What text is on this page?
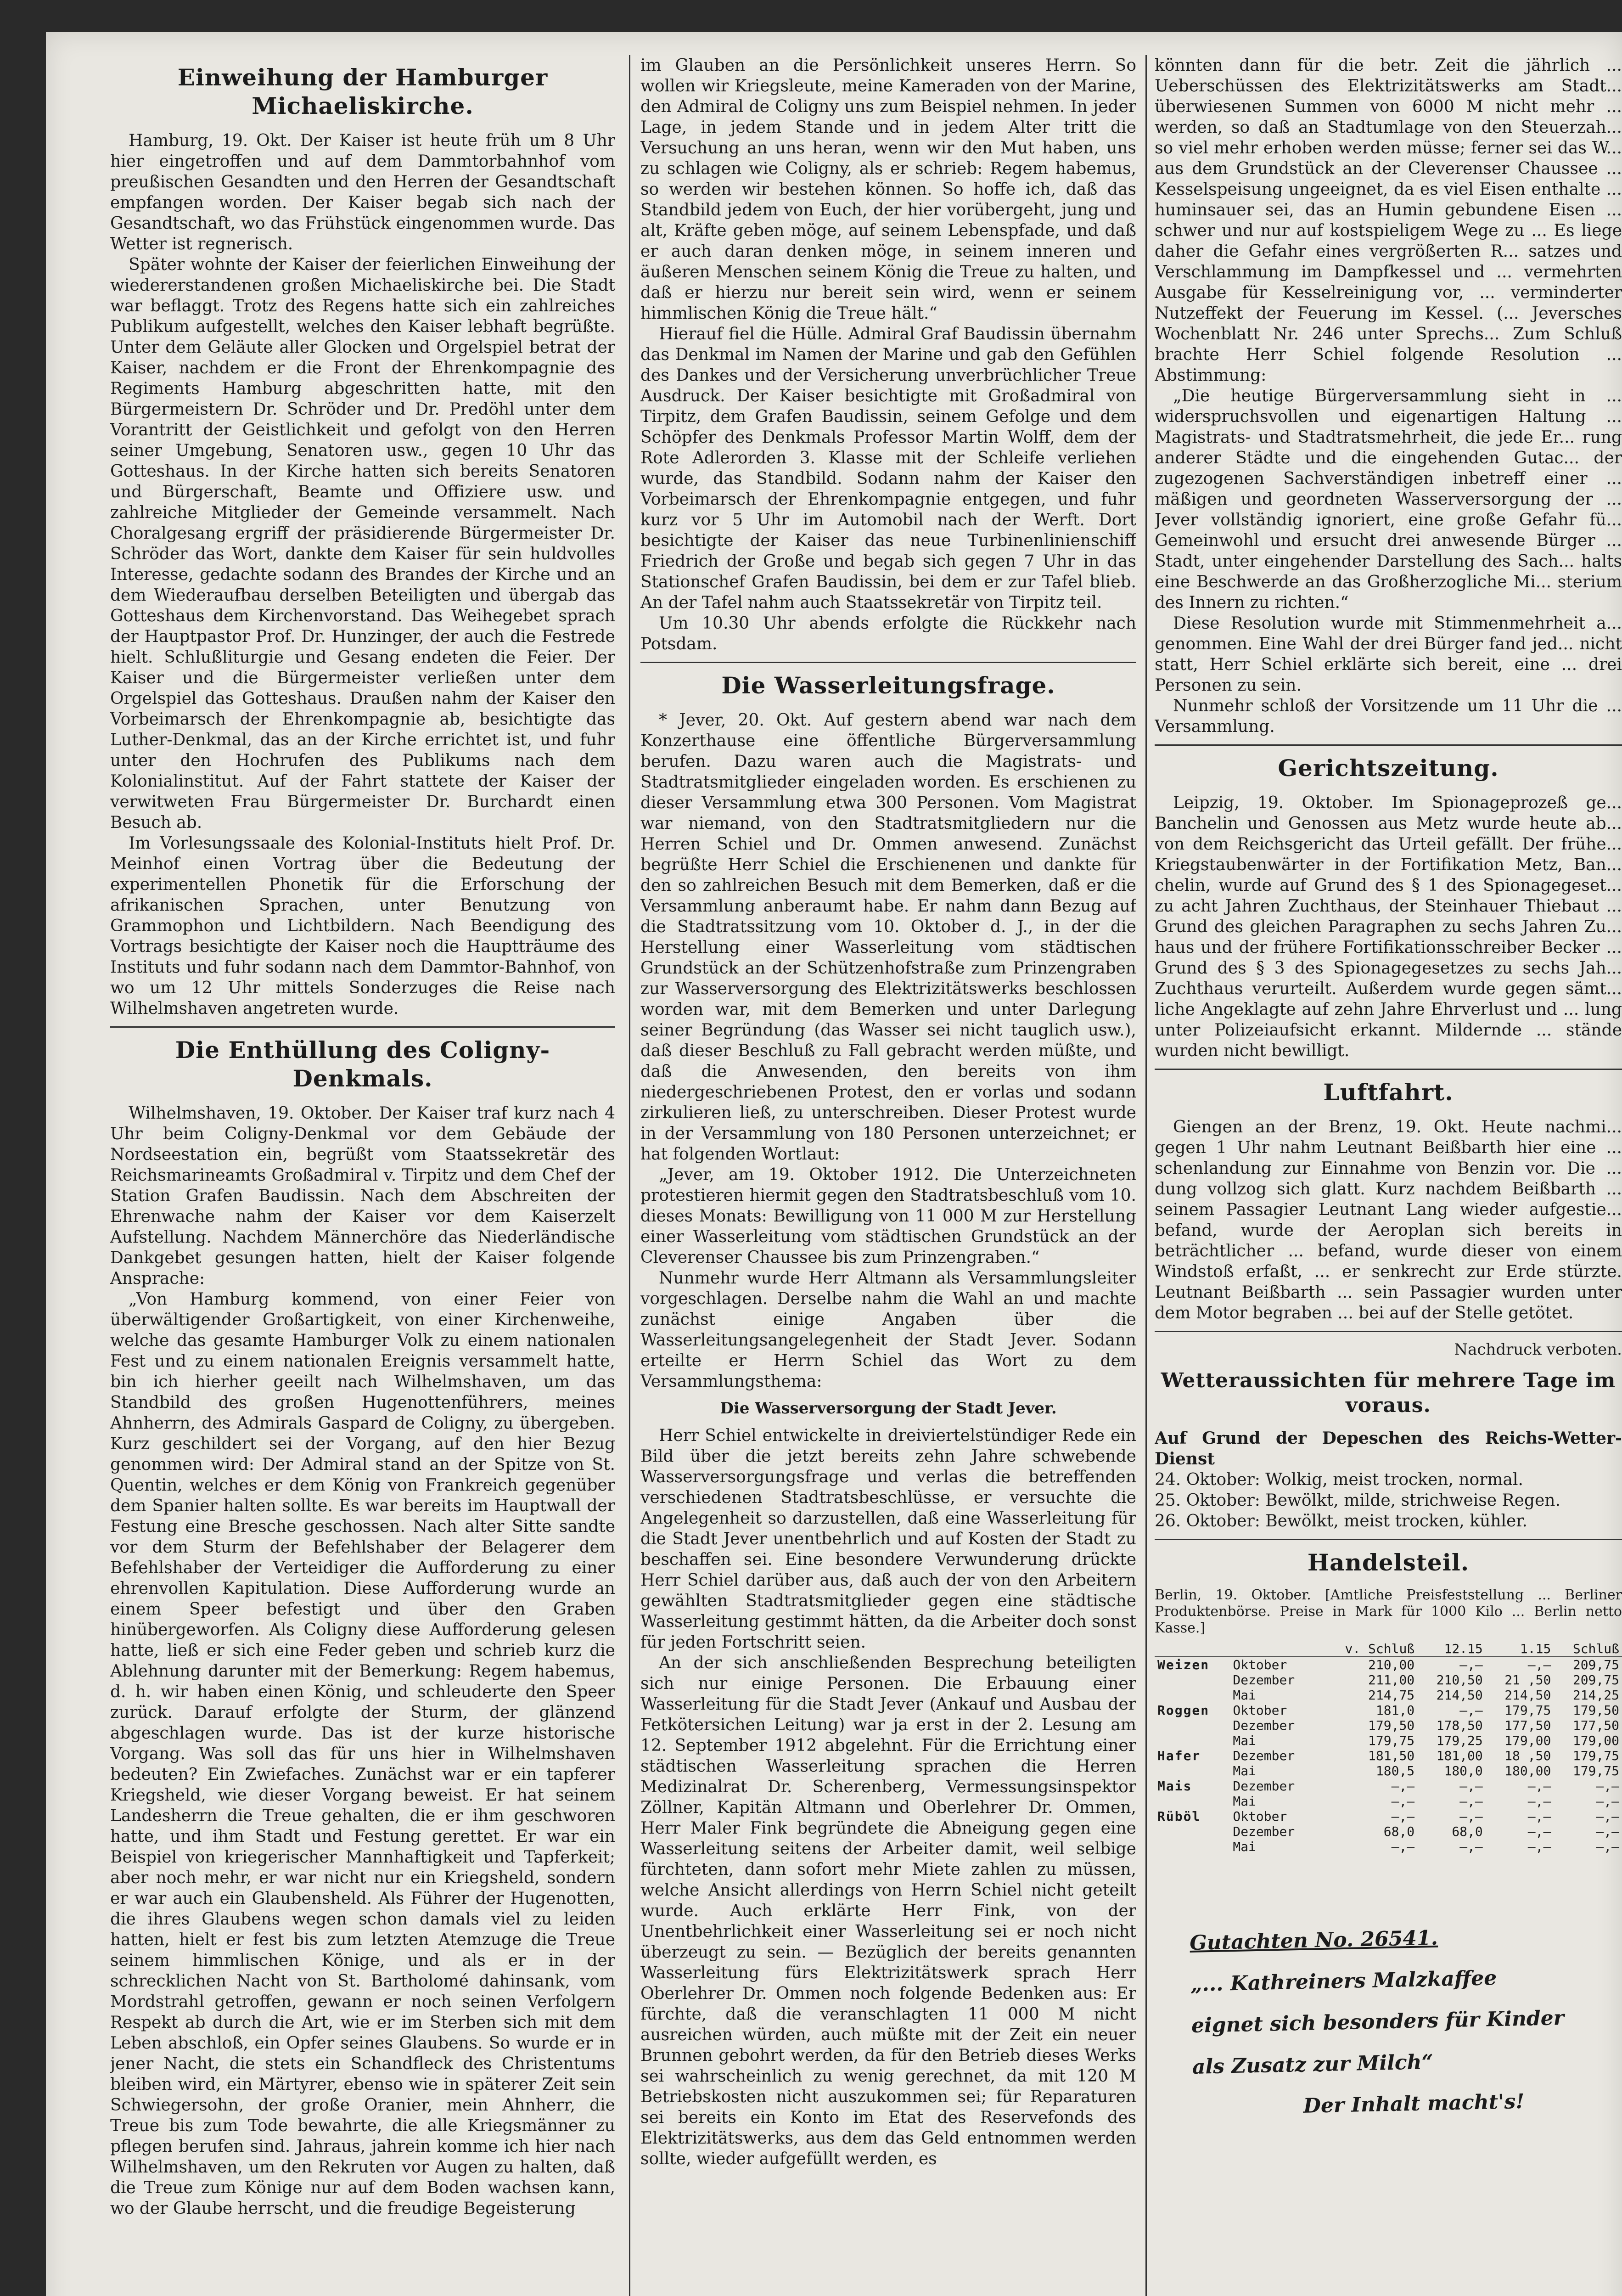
Einweihung der Hamburger Michaeliskirche.

Hamburg, 19. Okt. Der Kaiser ist heute früh um 8 Uhr hier eingetroffen und auf dem Dammtorbahnhof vom preußischen Gesandten und den Herren der Gesandtschaft empfangen worden. Der Kaiser begab sich nach der Gesandtschaft, wo das Frühstück eingenommen wurde. Das Wetter ist regnerisch.

Später wohnte der Kaiser der feierlichen Einweihung der wiedererstandenen großen Michaeliskirche bei. Die Stadt war beflaggt. Trotz des Regens hatte sich ein zahlreiches Publikum aufgestellt, welches den Kaiser lebhaft begrüßte. Unter dem Geläute aller Glocken und Orgelspiel betrat der Kaiser, nachdem er die Front der Ehrenkompagnie des Regiments Hamburg abgeschritten hatte, mit den Bürgermeistern Dr. Schröder und Dr. Predöhl unter dem Vorantritt der Geistlichkeit und gefolgt von den Herren seiner Umgebung, Senatoren usw., gegen 10 Uhr das Gotteshaus. In der Kirche hatten sich bereits Senatoren und Bürgerschaft, Beamte und Offiziere usw. und zahlreiche Mitglieder der Gemeinde versammelt. Nach Choralgesang ergriff der präsidierende Bürgermeister Dr. Schröder das Wort, dankte dem Kaiser für sein huldvolles Interesse, gedachte sodann des Brandes der Kirche und an dem Wiederaufbau derselben Beteiligten und übergab das Gotteshaus dem Kirchenvorstand. Das Weihegebet sprach der Hauptpastor Prof. Dr. Hunzinger, der auch die Festrede hielt. Schlußliturgie und Gesang endeten die Feier. Der Kaiser und die Bürgermeister verließen unter dem Orgelspiel das Gotteshaus. Draußen nahm der Kaiser den Vorbeimarsch der Ehrenkompagnie ab, besichtigte das Luther-Denkmal, das an der Kirche errichtet ist, und fuhr unter den Hochrufen des Publikums nach dem Kolonialinstitut. Auf der Fahrt stattete der Kaiser der verwitweten Frau Bürgermeister Dr. Burchardt einen Besuch ab.

Im Vorlesungssaale des Kolonial-Instituts hielt Prof. Dr. Meinhof einen Vortrag über die Bedeutung der experimentellen Phonetik für die Erforschung der afrikanischen Sprachen, unter Benutzung von Grammophon und Lichtbildern. Nach Beendigung des Vortrags besichtigte der Kaiser noch die Hauptträume des Instituts und fuhr sodann nach dem Dammtor-Bahnhof, von wo um 12 Uhr mittels Sonderzuges die Reise nach Wilhelmshaven angetreten wurde.

Die Enthüllung des Coligny-Denkmals.

Wilhelmshaven, 19. Oktober. Der Kaiser traf kurz nach 4 Uhr beim Coligny-Denkmal vor dem Gebäude der Nordseestation ein, begrüßt vom Staatssekretär des Reichsmarineamts Großadmiral v. Tirpitz und dem Chef der Station Grafen Baudissin. Nach dem Abschreiten der Ehrenwache nahm der Kaiser vor dem Kaiserzelt Aufstellung. Nachdem Männerchöre das Niederländische Dankgebet gesungen hatten, hielt der Kaiser folgende Ansprache:

„Von Hamburg kommend, von einer Feier von überwältigender Großartigkeit, von einer Kirchenweihe, welche das gesamte Hamburger Volk zu einem nationalen Fest und zu einem nationalen Ereignis versammelt hatte, bin ich hierher geeilt nach Wilhelmshaven, um das Standbild des großen Hugenottenführers, meines Ahnherrn, des Admirals Gaspard de Coligny, zu übergeben. Kurz geschildert sei der Vorgang, auf den hier Bezug genommen wird: Der Admiral stand an der Spitze von St. Quentin, welches er dem König von Frankreich gegenüber dem Spanier halten sollte. Es war bereits im Hauptwall der Festung eine Bresche geschossen. Nach alter Sitte sandte vor dem Sturm der Befehlshaber der Belagerer dem Befehlshaber der Verteidiger die Aufforderung zu einer ehrenvollen Kapitulation. Diese Aufforderung wurde an einem Speer befestigt und über den Graben hinübergeworfen. Als Coligny diese Aufforderung gelesen hatte, ließ er sich eine Feder geben und schrieb kurz die Ablehnung darunter mit der Bemerkung: Regem habemus, d. h. wir haben einen König, und schleuderte den Speer zurück. Darauf erfolgte der Sturm, der glänzend abgeschlagen wurde. Das ist der kurze historische Vorgang. Was soll das für uns hier in Wilhelmshaven bedeuten? Ein Zwiefaches. Zunächst war er ein tapferer Kriegsheld, wie dieser Vorgang beweist. Er hat seinem Landesherrn die Treue gehalten, die er ihm geschworen hatte, und ihm Stadt und Festung gerettet. Er war ein Beispiel von kriegerischer Mannhaftigkeit und Tapferkeit; aber noch mehr, er war nicht nur ein Kriegsheld, sondern er war auch ein Glaubensheld. Als Führer der Hugenotten, die ihres Glaubens wegen schon damals viel zu leiden hatten, hielt er fest bis zum letzten Atemzuge die Treue seinem himmlischen Könige, und als er in der schrecklichen Nacht von St. Bartholomé dahinsank, vom Mordstrahl getroffen, gewann er noch seinen Verfolgern Respekt ab durch die Art, wie er im Sterben sich mit dem Leben abschloß, ein Opfer seines Glaubens. So wurde er in jener Nacht, die stets ein Schandfleck des Christentums bleiben wird, ein Märtyrer, ebenso wie in späterer Zeit sein Schwiegersohn, der große Oranier, mein Ahnherr, die Treue bis zum Tode bewahrte, die alle Kriegsmänner zu pflegen berufen sind. Jahraus, jahrein komme ich hier nach Wilhelmshaven, um den Rekruten vor Augen zu halten, daß die Treue zum Könige nur auf dem Boden wachsen kann, wo der Glaube herrscht, und die freudige Begeisterung

im Glauben an die Persönlichkeit unseres Herrn. So wollen wir Kriegsleute, meine Kameraden von der Marine, den Admiral de Coligny uns zum Beispiel nehmen. In jeder Lage, in jedem Stande und in jedem Alter tritt die Versuchung an uns heran, wenn wir den Mut haben, uns zu schlagen wie Coligny, als er schrieb: Regem habemus, so werden wir bestehen können. So hoffe ich, daß das Standbild jedem von Euch, der hier vorübergeht, jung und alt, Kräfte geben möge, auf seinem Lebenspfade, und daß er auch daran denken möge, in seinem inneren und äußeren Menschen seinem König die Treue zu halten, und daß er hierzu nur bereit sein wird, wenn er seinem himmlischen König die Treue hält.“

Hierauf fiel die Hülle. Admiral Graf Baudissin übernahm das Denkmal im Namen der Marine und gab den Gefühlen des Dankes und der Versicherung unverbrüchlicher Treue Ausdruck. Der Kaiser besichtigte mit Großadmiral von Tirpitz, dem Grafen Baudissin, seinem Gefolge und dem Schöpfer des Denkmals Professor Martin Wolff, dem der Rote Adlerorden 3. Klasse mit der Schleife verliehen wurde, das Standbild. Sodann nahm der Kaiser den Vorbeimarsch der Ehrenkompagnie entgegen, und fuhr kurz vor 5 Uhr im Automobil nach der Werft. Dort besichtigte der Kaiser das neue Turbinenlinienschiff Friedrich der Große und begab sich gegen 7 Uhr in das Stationschef Grafen Baudissin, bei dem er zur Tafel blieb. An der Tafel nahm auch Staatssekretär von Tirpitz teil.

Um 10.30 Uhr abends erfolgte die Rückkehr nach Potsdam.

Die Wasserleitungsfrage.

* Jever, 20. Okt. Auf gestern abend war nach dem Konzerthause eine öffentliche Bürgerversammlung berufen. Dazu waren auch die Magistrats- und Stadtratsmitglieder eingeladen worden. Es erschienen zu dieser Versammlung etwa 300 Personen. Vom Magistrat war niemand, von den Stadtratsmitgliedern nur die Herren Schiel und Dr. Ommen anwesend. Zunächst begrüßte Herr Schiel die Erschienenen und dankte für den so zahlreichen Besuch mit dem Bemerken, daß er die Versammlung anberaumt habe. Er nahm dann Bezug auf die Stadtratssitzung vom 10. Oktober d. J., in der die Herstellung einer Wasserleitung vom städtischen Grundstück an der Schützenhofstraße zum Prinzengraben zur Wasserversorgung des Elektrizitätswerks beschlossen worden war, mit dem Bemerken und unter Darlegung seiner Begründung (das Wasser sei nicht tauglich usw.), daß dieser Beschluß zu Fall gebracht werden müßte, und daß die Anwesenden, den bereits von ihm niedergeschriebenen Protest, den er vorlas und sodann zirkulieren ließ, zu unterschreiben. Dieser Protest wurde in der Versammlung von 180 Personen unterzeichnet; er hat folgenden Wortlaut:

„Jever, am 19. Oktober 1912. Die Unterzeichneten protestieren hiermit gegen den Stadtratsbeschluß vom 10. dieses Monats: Bewilligung von 11 000 M zur Herstellung einer Wasserleitung vom städtischen Grundstück an der Cleverenser Chaussee bis zum Prinzengraben.“

Nunmehr wurde Herr Altmann als Versammlungsleiter vorgeschlagen. Derselbe nahm die Wahl an und machte zunächst einige Angaben über die Wasserleitungsangelegenheit der Stadt Jever. Sodann erteilte er Herrn Schiel das Wort zu dem Versammlungsthema:

Die Wasserversorgung der Stadt Jever.

Herr Schiel entwickelte in dreiviertelstündiger Rede ein Bild über die jetzt bereits zehn Jahre schwebende Wasserversorgungsfrage und verlas die betreffenden verschiedenen Stadtratsbeschlüsse, er versuchte die Angelegenheit so darzustellen, daß eine Wasserleitung für die Stadt Jever unentbehrlich und auf Kosten der Stadt zu beschaffen sei. Eine besondere Verwunderung drückte Herr Schiel darüber aus, daß auch der von den Arbeitern gewählten Stadtratsmitglieder gegen eine städtische Wasserleitung gestimmt hätten, da die Arbeiter doch sonst für jeden Fortschritt seien.

An der sich anschließenden Besprechung beteiligten sich nur einige Personen. Die Erbauung einer Wasserleitung für die Stadt Jever (Ankauf und Ausbau der Fetkötersichen Leitung) war ja erst in der 2. Lesung am 12. September 1912 abgelehnt. Für die Errichtung einer städtischen Wasserleitung sprachen die Herren Medizinalrat Dr. Scherenberg, Vermessungsinspektor Zöllner, Kapitän Altmann und Oberlehrer Dr. Ommen, Herr Maler Fink begründete die Abneigung gegen eine Wasserleitung seitens der Arbeiter damit, weil selbige fürchteten, dann sofort mehr Miete zahlen zu müssen, welche Ansicht allerdings von Herrn Schiel nicht geteilt wurde. Auch erklärte Herr Fink, von der Unentbehrlichkeit einer Wasserleitung sei er noch nicht überzeugt zu sein. — Bezüglich der bereits genannten Wasserleitung fürs Elektrizitätswerk sprach Herr Oberlehrer Dr. Ommen noch folgende Bedenken aus: Er fürchte, daß die veranschlagten 11 000 M nicht ausreichen würden, auch müßte mit der Zeit ein neuer Brunnen gebohrt werden, da für den Betrieb dieses Werks sei wahrscheinlich zu wenig gerechnet, da mit 120 M Betriebskosten nicht auszukommen sei; für Reparaturen sei bereits ein Konto im Etat des Reservefonds des Elektrizitätswerks, aus dem das Geld entnommen werden sollte, wieder aufgefüllt werden, es

könnten dann für die betr. Zeit die jährlich ... Ueberschüssen des Elektrizitätswerks am Stadt... überwiesenen Summen von 6000 M nicht mehr ... werden, so daß an Stadtumlage von den Steuerzah... so viel mehr erhoben werden müsse; ferner sei das W... aus dem Grundstück an der Cleverenser Chaussee ... Kesselspeisung ungeeignet, da es viel Eisen enthalte ... huminsauer sei, das an Humin gebundene Eisen ... schwer und nur auf kostspieligem Wege zu ... Es liege daher die Gefahr eines vergrößerten R... satzes und Verschlammung im Dampfkessel und ... vermehrten Ausgabe für Kesselreinigung vor, ... verminderter Nutzeffekt der Feuerung im Kessel. (... Jeversches Wochenblatt Nr. 246 unter Sprechs... Zum Schluß brachte Herr Schiel folgende Resolution ... Abstimmung:

„Die heutige Bürgerversammlung sieht in ... widerspruchsvollen und eigenartigen Haltung ... Magistrats- und Stadtratsmehrheit, die jede Er... rung anderer Städte und die eingehenden Gutac... der zugezogenen Sachverständigen inbetreff einer ... mäßigen und geordneten Wasserversorgung der ... Jever vollständig ignoriert, eine große Gefahr fü... Gemeinwohl und ersucht drei anwesende Bürger ... Stadt, unter eingehender Darstellung des Sach... halts eine Beschwerde an das Großherzogliche Mi... sterium des Innern zu richten.“

Diese Resolution wurde mit Stimmenmehrheit a... genommen. Eine Wahl der drei Bürger fand jed... nicht statt, Herr Schiel erklärte sich bereit, eine ... drei Personen zu sein.

Nunmehr schloß der Vorsitzende um 11 Uhr die ... Versammlung.

Gerichtszeitung.

Leipzig, 19. Oktober. Im Spionageprozeß ge... Banchelin und Genossen aus Metz wurde heute ab... von dem Reichsgericht das Urteil gefällt. Der frühe... Kriegstaubenwärter in der Fortifikation Metz, Ban... chelin, wurde auf Grund des § 1 des Spionagegeset... zu acht Jahren Zuchthaus, der Steinhauer Thiebaut ... Grund des gleichen Paragraphen zu sechs Jahren Zu... haus und der frühere Fortifikationsschreiber Becker ... Grund des § 3 des Spionagegesetzes zu sechs Jah... Zuchthaus verurteilt. Außerdem wurde gegen sämt... liche Angeklagte auf zehn Jahre Ehrverlust und ... lung unter Polizeiaufsicht erkannt. Mildernde ... stände wurden nicht bewilligt.

Luftfahrt.

Giengen an der Brenz, 19. Okt. Heute nachmi... gegen 1 Uhr nahm Leutnant Beißbarth hier eine ... schenlandung zur Einnahme von Benzin vor. Die ... dung vollzog sich glatt. Kurz nachdem Beißbarth ... seinem Passagier Leutnant Lang wieder aufgestie... befand, wurde der Aeroplan sich bereits in beträchtlicher ... befand, wurde dieser von einem Windstoß erfaßt, ... er senkrecht zur Erde stürzte. Leutnant Beißbarth ... sein Passagier wurden unter dem Motor begraben ... bei auf der Stelle getötet.

Nachdruck verboten.
Wetteraussichten für mehrere Tage im voraus.

Auf Grund der Depeschen des Reichs-Wetter-Dienst

24. Oktober: Wolkig, meist trocken, normal.

25. Oktober: Bewölkt, milde, strichweise Regen.

26. Oktober: Bewölkt, meist trocken, kühler.

Handelsteil.

Berlin, 19. Oktober. [Amtliche Preisfeststellung ... Berliner Produktenbörse. Preise in Mark für 1000 Kilo ... Berlin netto Kasse.]

		v. Schluß	12.15	1.15	Schluß
Weizen	Oktober	210,00	—,—	—,—	209,75
	Dezember	211,00	210,50	21 ,50	209,75
	Mai	214,75	214,50	214,50	214,25
Roggen	Oktober	181,0	—,—	179,75	179,50
	Dezember	179,50	178,50	177,50	177,50
	Mai	179,75	179,25	179,00	179,00
Hafer	Dezember	181,50	181,00	18 ,50	179,75
	Mai	180,5	180,0	180,00	179,75
Mais	Dezember	—,—	—,—	—,—	—,—
	Mai	—,—	—,—	—,—	—,—
Rüböl	Oktober	—,—	—,—	—,—	—,—
	Dezember	68,0	68,0	—,—	—,—
	Mai	—,—	—,—	—,—	—,—
Gutachten No. 26541.
„... Kathreiners Malzkaffee
eignet sich besonders für Kinder
als Zusatz zur Milch“
Der Inhalt macht's!
